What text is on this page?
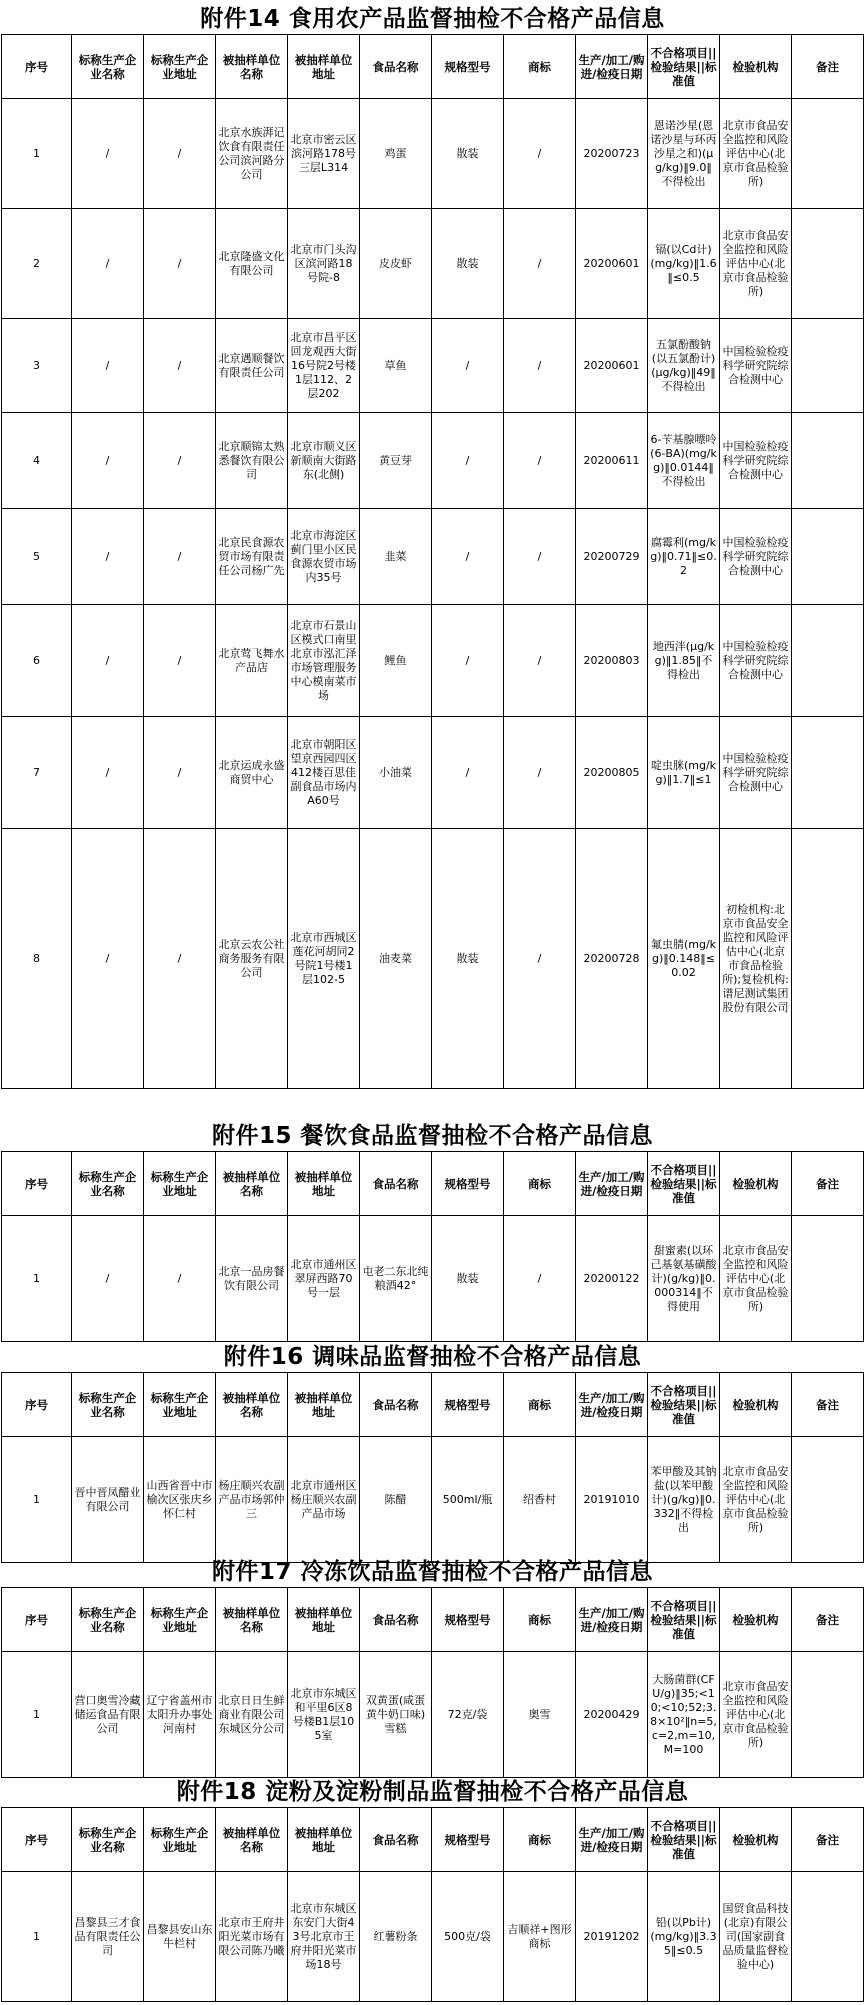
附件14 食用农产品监督抽检不合格产品信息
序号	标称生产企业名称	标称生产企业地址	被抽样单位名称	被抽样单位地址	食品名称	规格型号	商标	生产/加工/购进/检疫日期	不合格项目||检验结果||标准值	检验机构	备注
1	/	/	北京水族湃记饮食有限责任公司滨河路分公司	北京市密云区滨河路178号三层L314	鸡蛋	散装	/	20200723	恩诺沙星(恩诺沙星与环丙沙星之和)(μg/kg)‖9.0‖不得检出	北京市食品安全监控和风险评估中心(北京市食品检验所)	
2	/	/	北京隆盛文化有限公司	北京市门头沟区滨河路18号院-8	皮皮虾	散装	/	20200601	镉(以Cd计)(mg/kg)‖1.6‖≤0.5	北京市食品安全监控和风险评估中心(北京市食品检验所)	
3	/	/	北京遇顺餐饮有限责任公司	北京市昌平区回龙观西大街16号院2号楼1层112、2层202	草鱼	/	/	20200601	五氯酚酸钠(以五氯酚计)(μg/kg)‖49‖不得检出	中国检验检疫科学研究院综合检测中心	
4	/	/	北京顺锦太熟悉餐饮有限公司	北京市顺义区新顺南大街路东(北侧)	黄豆芽	/	/	20200611	6-苄基腺嘌呤(6-BA)(mg/kg)‖0.0144‖不得检出	中国检验检疫科学研究院综合检测中心	
5	/	/	北京民食源农贸市场有限责任公司杨广先	北京市海淀区蓟门里小区民食源农贸市场内35号	韭菜	/	/	20200729	腐霉利(mg/kg)‖0.71‖≤0.2	中国检验检疫科学研究院综合检测中心	
6	/	/	北京莺飞舞水产品店	北京市石景山区模式口南里北京市泓汇泽市场管理服务中心模南菜市场	鲤鱼	/	/	20200803	地西泮(μg/kg)‖1.85‖不得检出	中国检验检疫科学研究院综合检测中心	
7	/	/	北京运成永盛商贸中心	北京市朝阳区望京西园四区412楼百思佳副食品市场内A60号	小油菜	/	/	20200805	啶虫脒(mg/kg)‖1.7‖≤1	中国检验检疫科学研究院综合检测中心	
8	/	/	北京云农公社商务服务有限公司	北京市西城区莲花河胡同2号院1号楼1层102-5	油麦菜	散装	/	20200728	氟虫腈(mg/kg)‖0.148‖≤0.02	初检机构:北京市食品安全监控和风险评估中心(北京市食品检验所);复检机构:谱尼测试集团股份有限公司	
附件15 餐饮食品监督抽检不合格产品信息
序号	标称生产企业名称	标称生产企业地址	被抽样单位名称	被抽样单位地址	食品名称	规格型号	商标	生产/加工/购进/检疫日期	不合格项目||检验结果||标准值	检验机构	备注
1	/	/	北京一品房餐饮有限公司	北京市通州区翠屏西路70号一层	屯老二东北纯粮酒42°	散装	/	20200122	甜蜜素(以环己基氨基磺酸计)(g/kg)‖0.000314‖不得使用	北京市食品安全监控和风险评估中心(北京市食品检验所)	
附件16 调味品监督抽检不合格产品信息
序号	标称生产企业名称	标称生产企业地址	被抽样单位名称	被抽样单位地址	食品名称	规格型号	商标	生产/加工/购进/检疫日期	不合格项目||检验结果||标准值	检验机构	备注
1	晋中晋凤醋业有限公司	山西省晋中市榆次区张庆乡怀仁村	杨庄顺兴农副产品市场郭仲三	北京市通州区杨庄顺兴农副产品市场	陈醋	500ml/瓶	绍香村	20191010	苯甲酸及其钠盐(以苯甲酸计)(g/kg)‖0.332‖不得检出	北京市食品安全监控和风险评估中心(北京市食品检验所)	
附件17 冷冻饮品监督抽检不合格产品信息
序号	标称生产企业名称	标称生产企业地址	被抽样单位名称	被抽样单位地址	食品名称	规格型号	商标	生产/加工/购进/检疫日期	不合格项目||检验结果||标准值	检验机构	备注
1	营口奥雪冷藏储运食品有限公司	辽宁省盖州市太阳升办事处河南村	北京日日生鲜商业有限公司东城区分公司	北京市东城区和平里6区8号楼B1层105室	双黄蛋(咸蛋黄牛奶口味)雪糕	72克/袋	奥雪	20200429	大肠菌群(CFU/g)‖35;<10;<10;52;3.8×10²‖n=5,c=2,m=10,M=100	北京市食品安全监控和风险评估中心(北京市食品检验所)	
附件18 淀粉及淀粉制品监督抽检不合格产品信息
序号	标称生产企业名称	标称生产企业地址	被抽样单位名称	被抽样单位地址	食品名称	规格型号	商标	生产/加工/购进/检疫日期	不合格项目||检验结果||标准值	检验机构	备注
1	昌黎县三才食品有限责任公司	昌黎县安山东牛栏村	北京市王府井阳光菜市场有限公司陈乃曦	北京市东城区东安门大街43号北京市王府井阳光菜市场18号	红薯粉条	500克/袋	吉顺祥+图形商标	20191202	铅(以Pb计)(mg/kg)‖3.35‖≤0.5	国贸食品科技(北京)有限公司(国家副食品质量监督检验中心)	
